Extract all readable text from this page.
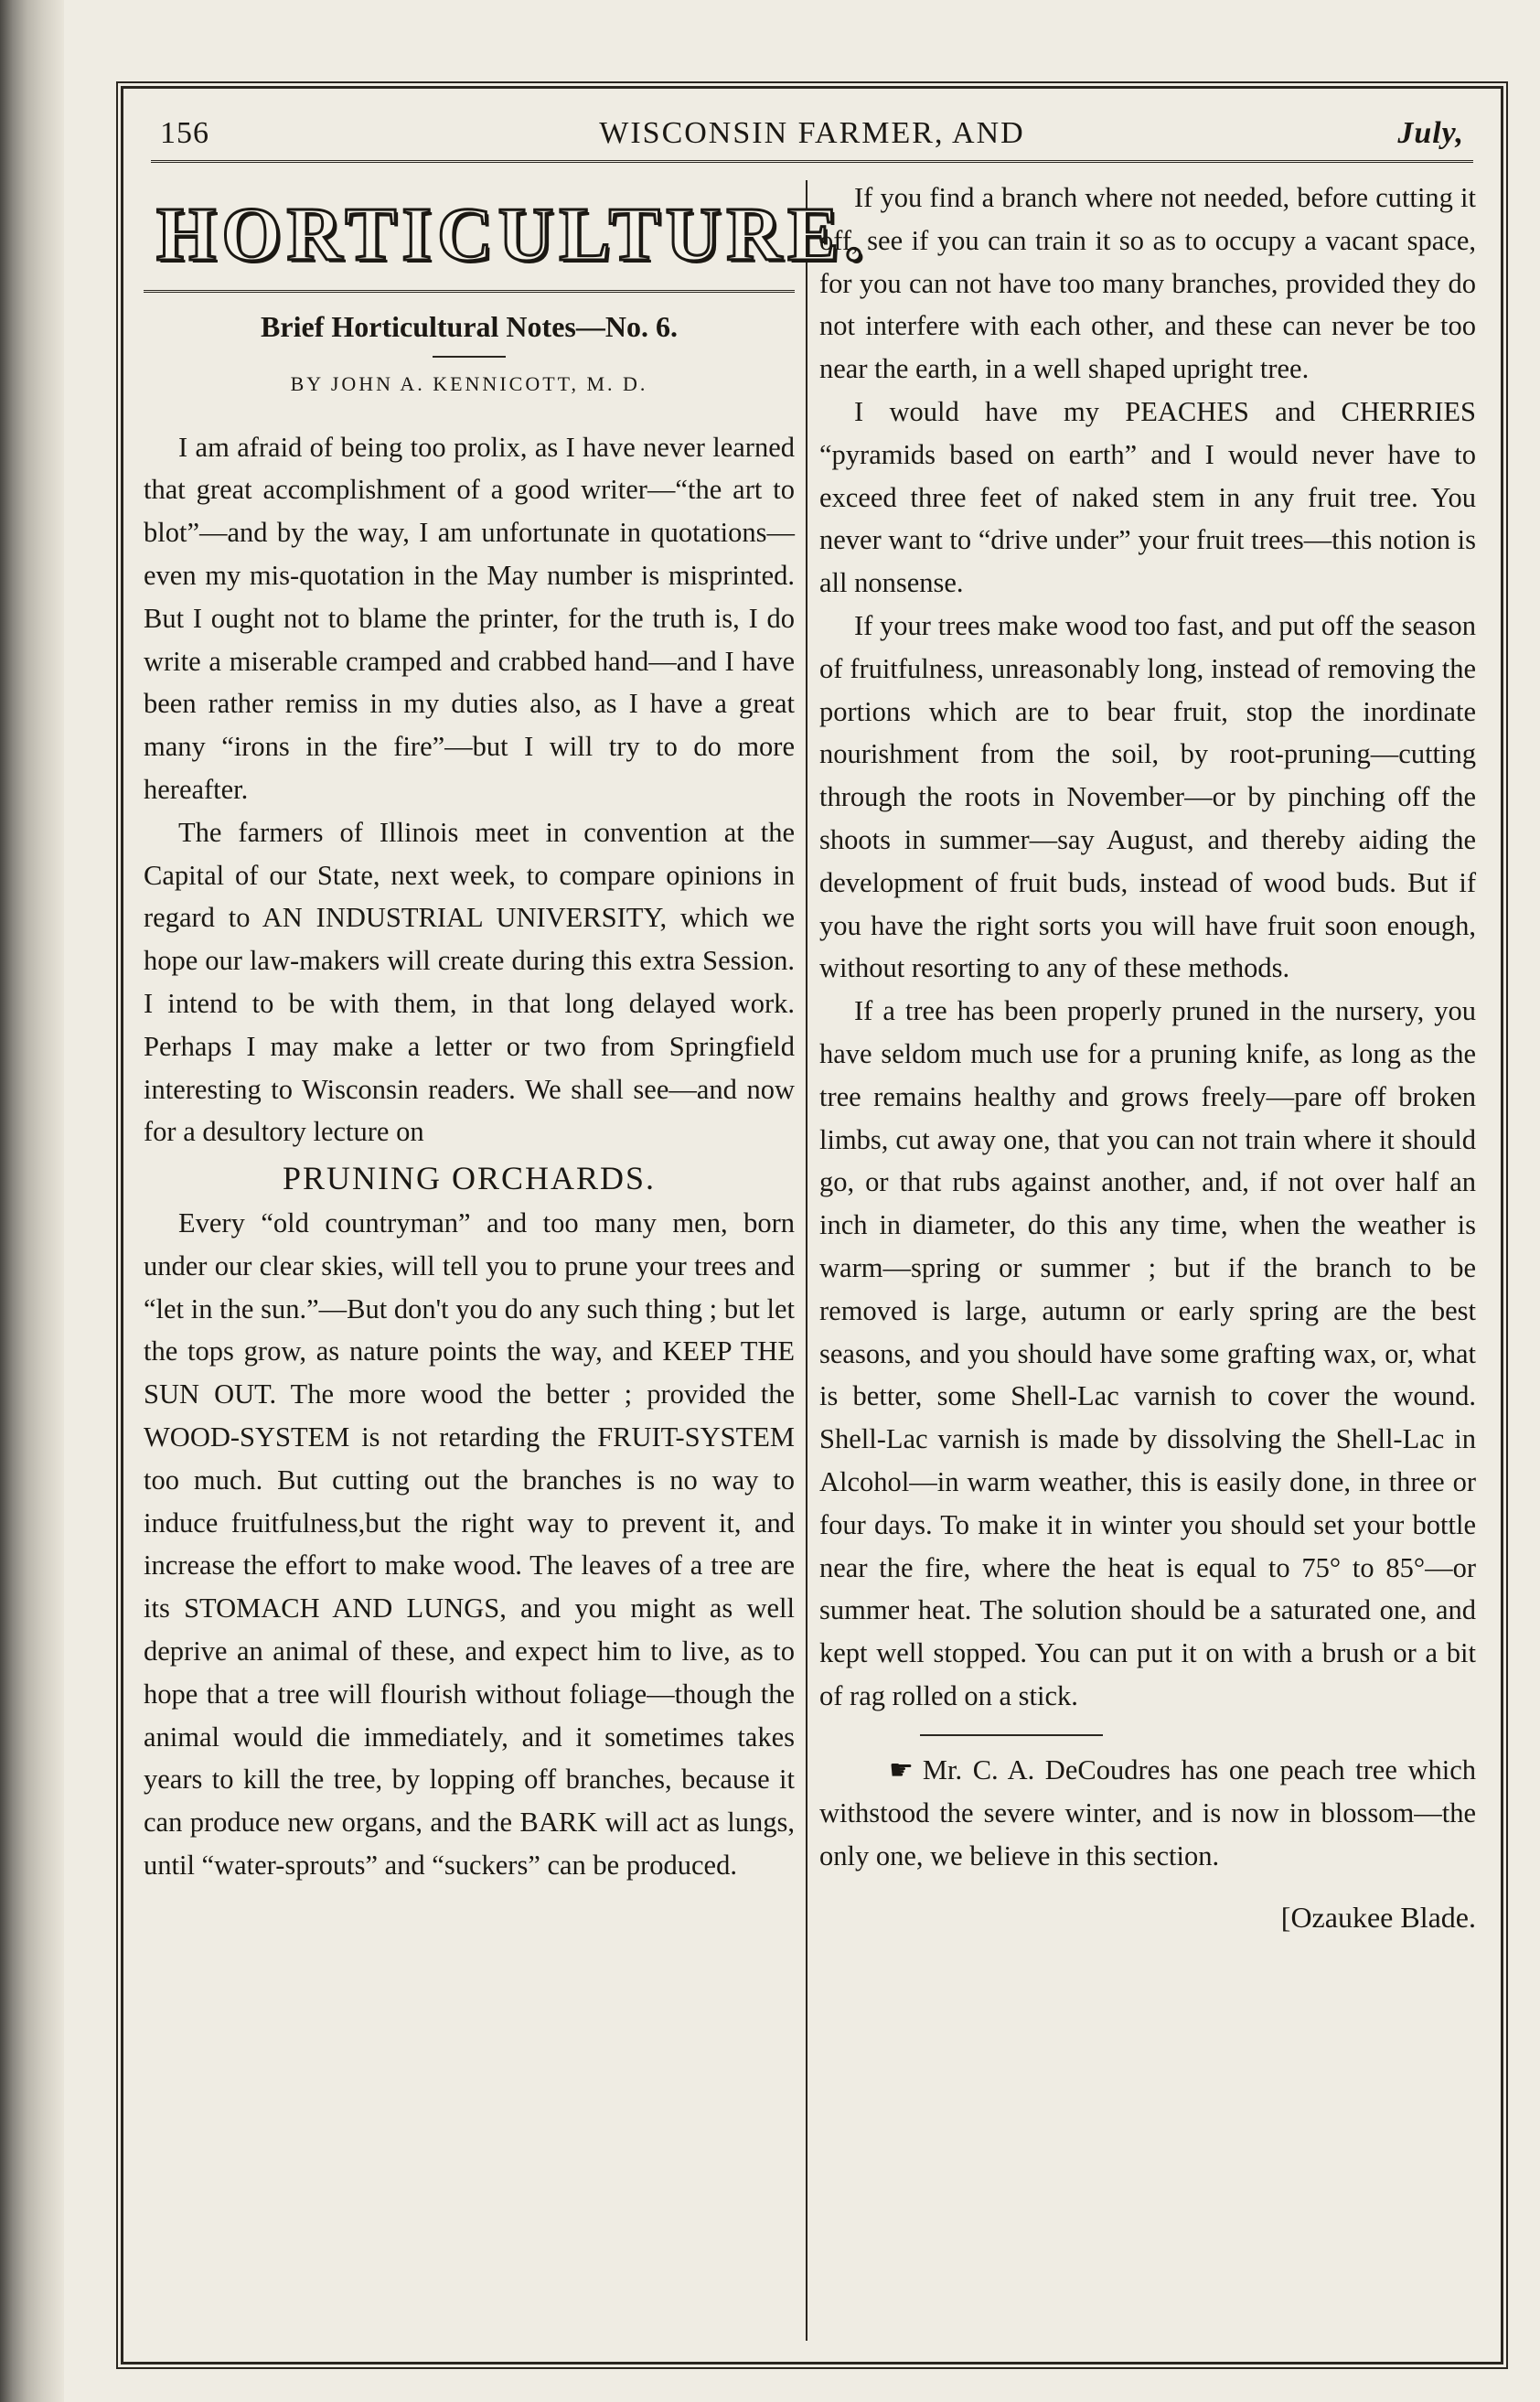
156	WISCONSIN FARMER, AND	July,
HORTICULTURE.
Brief Horticultural Notes—No. 6.
BY JOHN A. KENNICOTT, M. D.

I am afraid of being too prolix, as I have never learned that great accomplishment of a good writer—“the art to blot”—and by the way, I am unfortunate in quotations—even my mis-quotation in the May number is misprinted. But I ought not to blame the printer, for the truth is, I do write a miserable cramped and crabbed hand—and I have been rather remiss in my duties also, as I have a great many “irons in the fire”—but I will try to do more hereafter.

The farmers of Illinois meet in convention at the Capital of our State, next week, to compare opinions in regard to AN INDUSTRIAL UNIVERSITY, which we hope our law-makers will create during this extra Session. I intend to be with them, in that long delayed work. Perhaps I may make a letter or two from Springfield interesting to Wisconsin readers. We shall see—and now for a desultory lecture on

PRUNING ORCHARDS.

Every “old countryman” and too many men, born under our clear skies, will tell you to prune your trees and “let in the sun.”—But don't you do any such thing ; but let the tops grow, as nature points the way, and KEEP THE SUN OUT. The more wood the better ; provided the WOOD-SYSTEM is not retarding the FRUIT-SYSTEM too much. But cutting out the branches is no way to induce fruitfulness,but the right way to prevent it, and increase the effort to make wood. The leaves of a tree are its STOMACH AND LUNGS, and you might as well deprive an animal of these, and expect him to live, as to hope that a tree will flourish without foliage—though the animal would die immediately, and it sometimes takes years to kill the tree, by lopping off branches, because it can produce new organs, and the BARK will act as lungs, until “water-sprouts” and “suckers” can be produced.

If you find a branch where not needed, before cutting it off, see if you can train it so as to occupy a vacant space, for you can not have too many branches, provided they do not interfere with each other, and these can never be too near the earth, in a well shaped upright tree.

I would have my PEACHES and CHERRIES “pyramids based on earth” and I would never have to exceed three feet of naked stem in any fruit tree. You never want to “drive under” your fruit trees—this notion is all nonsense.

If your trees make wood too fast, and put off the season of fruitfulness, unreasonably long, instead of removing the portions which are to bear fruit, stop the inordinate nourishment from the soil, by root-pruning—cutting through the roots in November—or by pinching off the shoots in summer—say August, and thereby aiding the development of fruit buds, instead of wood buds. But if you have the right sorts you will have fruit soon enough, without resorting to any of these methods.

If a tree has been properly pruned in the nursery, you have seldom much use for a pruning knife, as long as the tree remains healthy and grows freely—pare off broken limbs, cut away one, that you can not train where it should go, or that rubs against another, and, if not over half an inch in diameter, do this any time, when the weather is warm—spring or summer ; but if the branch to be removed is large, autumn or early spring are the best seasons, and you should have some grafting wax, or, what is better, some Shell-Lac varnish to cover the wound. Shell-Lac varnish is made by dissolving the Shell-Lac in Alcohol—in warm weather, this is easily done, in three or four days. To make it in winter you should set your bottle near the fire, where the heat is equal to 75° to 85°—or summer heat. The solution should be a saturated one, and kept well stopped. You can put it on with a brush or a bit of rag rolled on a stick.

☛ Mr. C. A. DeCoudres has one peach tree which withstood the severe winter, and is now in blossom—the only one, we believe in this section.

[Ozaukee Blade.
